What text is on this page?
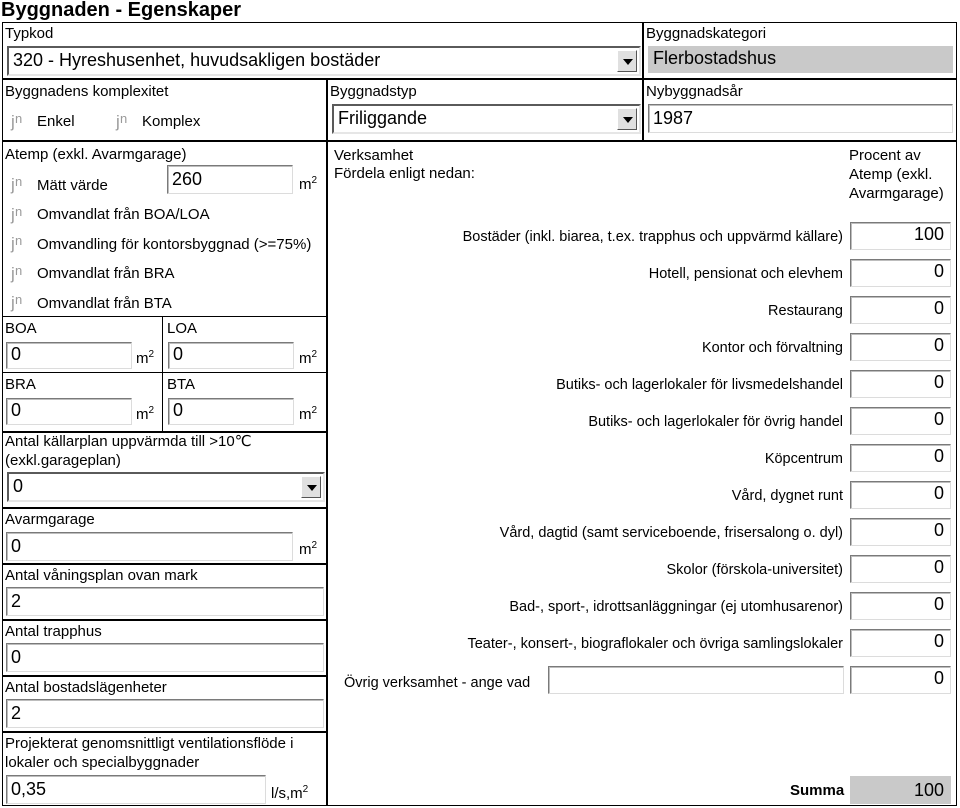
Byggnaden - Egenskaper
Typkod
320 - Hyreshusenhet, huvudsakligen bostäder
Byggnadskategori
Flerbostadshus
Byggnadens komplexitet
j n
Enkel j n	Komplex
Byggnadstyp
Friliggande
Nybyggnadsår
1987
Atemp (exkl. Avarmgarage)
j n
Mätt värde	260	$m^2$
j n
Omvandlat från BOA/LOA
j n
Omvandling för kontorsbyggnad (>=75%)
j n
Omvandlat från BRA
j n
Omvandlat från BTA
BOA
0	$m^2$
LOA
0	$m^2$
BRA
0	$m^2$
BTA
0	$m^2$
Antal källarplan uppvärmda till >10℃
(exkl.garageplan)
0
Avarmgarage
0	$m^2$
Antal våningsplan ovan mark
2
Antal trapphus
0
Antal bostadslägenheter
2
Projekterat genomsnittligt ventilationsflöde i
lokaler och specialbyggnader
0,35	$l/s,m^2$
Verksamhet
Fördela enligt nedan:
Procent av
Atemp (exkl.
Avarmgarage)
Bostäder (inkl. biarea, t.ex. trapphus och uppvärmd källare)	100
Hotell, pensionat och elevhem	0
Restaurang	0
Kontor och förvaltning	0
Butiks- och lagerlokaler för livsmedelshandel	0
Butiks- och lagerlokaler för övrig handel	0
Köpcentrum	0
Vård, dygnet runt	0
Vård, dagtid (samt serviceboende, frisersalong o. dyl)	0
Skolor (förskola-universitet)	0
Bad-, sport-, idrottsanläggningar (ej utomhusarenor)	0
Teater-, konsert-, biograflokaler och övriga samlingslokaler	0
Övrig verksamhet - ange vad	0
Summa	100
